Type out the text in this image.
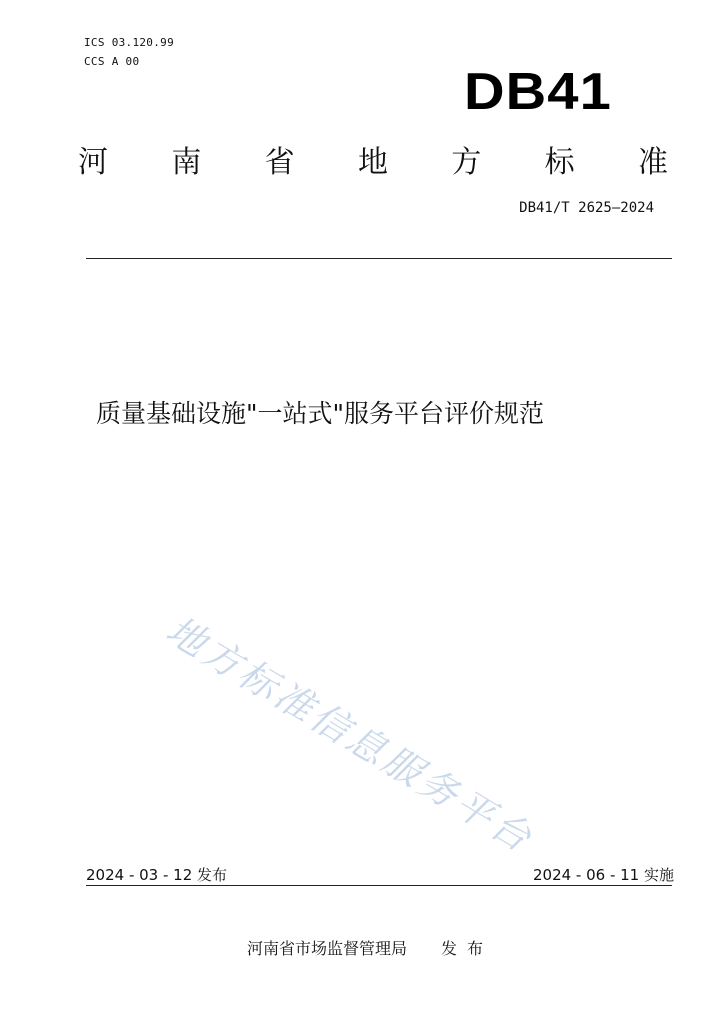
ICS 03.120.99
CCS A 00
DB41
河 南 省 地 方 标 准
DB41/T 2625—2024
质量基础设施"一站式"服务平台评价规范
地方标准信息服务平台
2024 - 03 - 12 发布	2024 - 06 - 11 实施
河南省市场监督管理局 发布
